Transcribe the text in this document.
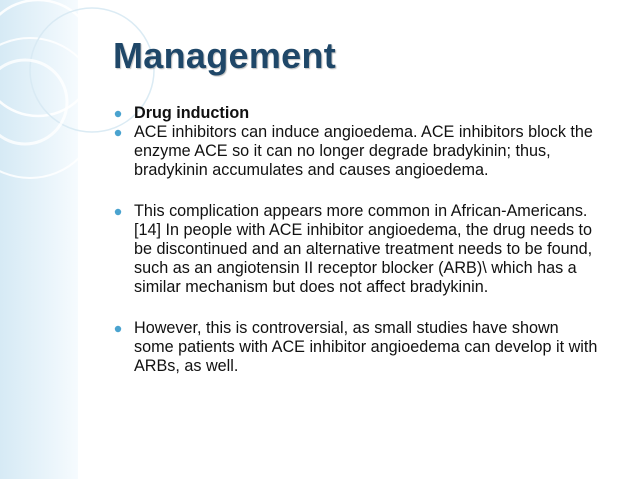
Management
Drug induction
ACE inhibitors can induce angioedema. ACE inhibitors block the enzyme ACE so it can no longer degrade bradykinin; thus, bradykinin accumulates and causes angioedema.
This complication appears more common in African-Americans.[14] In people with ACE inhibitor angioedema, the drug needs to be discontinued and an alternative treatment needs to be found, such as an angiotensin II receptor blocker (ARB)\ which has a similar mechanism but does not affect bradykinin.
However, this is controversial, as small studies have shown some patients with ACE inhibitor angioedema can develop it with ARBs, as well.
